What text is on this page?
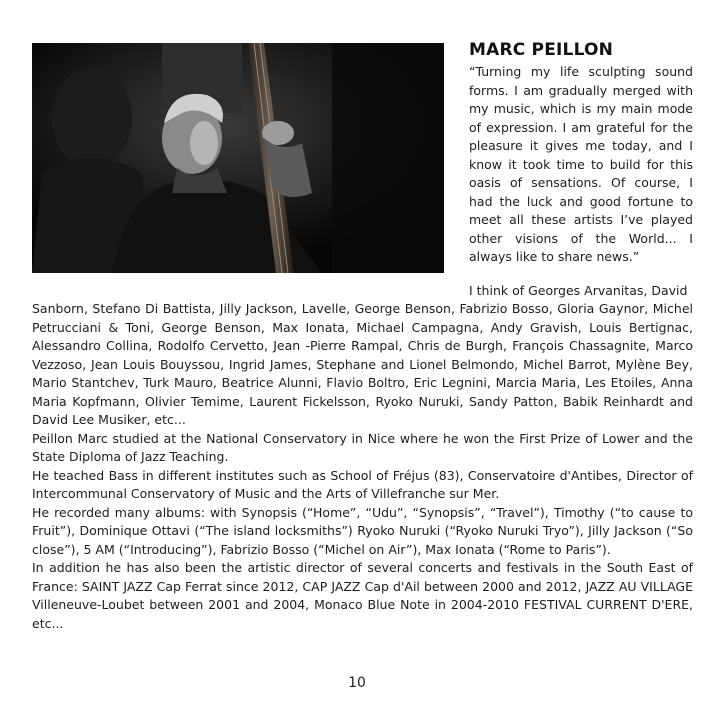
MARC PEILLON

“Turning my life sculpting sound forms. I am gradually merged with my music, which is my main mode of expression. I am grateful for the pleasure it gives me today, and I know it took time to build for this oasis of sensations. Of course, I had the luck and good fortune to meet all these artists I’ve played other visions of the World... I always like to share news.”

I think of Georges Arvanitas, David

Sanborn, Stefano Di Battista, Jilly Jackson, Lavelle, George Benson, Fabrizio Bosso, Gloria Gaynor, Michel Petrucciani & Toni, George Benson, Max Ionata, Michael Campagna, Andy Gravish, Louis Bertignac, Alessandro Collina, Rodolfo Cervetto, Jean -Pierre Rampal, Chris de Burgh, François Chassagnite, Marco Vezzoso, Jean Louis Bouyssou, Ingrid James, Stephane and Lionel Belmondo, Michel Barrot, Mylène Bey, Mario Stantchev, Turk Mauro, Beatrice Alunni, Flavio Boltro, Eric Legnini, Marcia Maria, Les Etoiles, Anna Maria Kopfmann, Olivier Temime, Laurent Fickelsson, Ryoko Nuruki, Sandy Patton, Babik Reinhardt and David Lee Musiker, etc...

Peillon Marc studied at the National Conservatory in Nice where he won the First Prize of Lower and the State Diploma of Jazz Teaching.

He teached Bass in different institutes such as School of Fréjus (83), Conservatoire d'Antibes, Director of Intercommunal Conservatory of Music and the Arts of Villefranche sur Mer.

He recorded many albums: with Synopsis (“Home”, “Udu”, “Synopsis”, “Travel”), Timothy (“to cause to Fruit”), Dominique Ottavi (“The island locksmiths”) Ryoko Nuruki (“Ryoko Nuruki Tryo”), Jilly Jackson (“So close”), 5 AM (“Introducing”), Fabrizio Bosso (“Michel on Air”), Max Ionata (“Rome to Paris”).

In addition he has also been the artistic director of several concerts and festivals in the South East of France: SAINT JAZZ Cap Ferrat since 2012, CAP JAZZ Cap d'Ail between 2000 and 2012, JAZZ AU VILLAGE Villeneuve-Loubet between 2001 and 2004, Monaco Blue Note in 2004-2010 FESTIVAL CURRENT D'ERE, etc...

10
